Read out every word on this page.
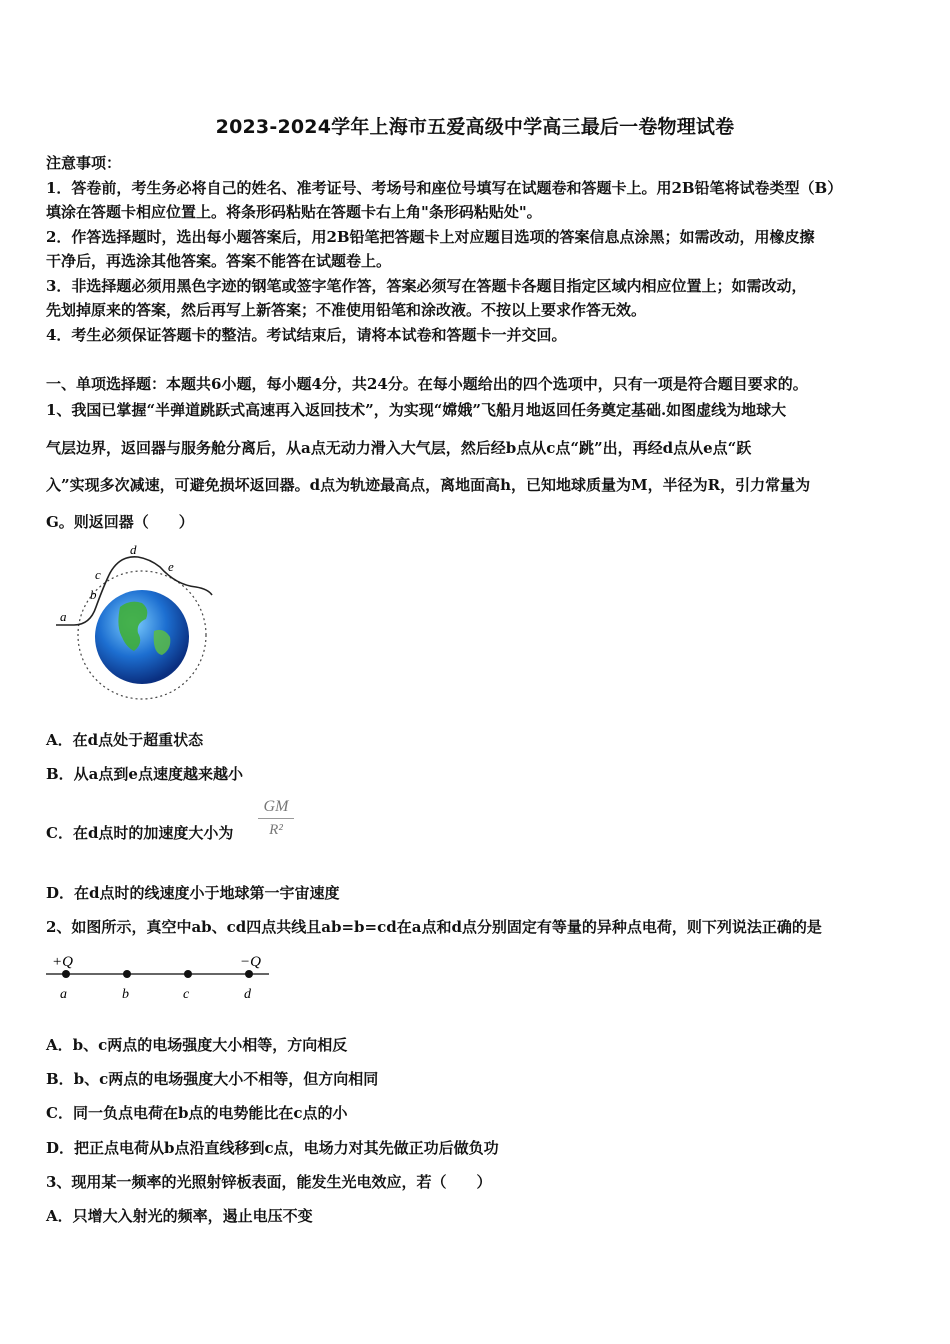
2023-2024学年上海市五爱高级中学高三最后一卷物理试卷
注意事项：
1．答卷前，考生务必将自己的姓名、准考证号、考场号和座位号填写在试题卷和答题卡上。用2B铅笔将试卷类型（B）
填涂在答题卡相应位置上。将条形码粘贴在答题卡右上角"条形码粘贴处"。
2．作答选择题时，选出每小题答案后，用2B铅笔把答题卡上对应题目选项的答案信息点涂黑；如需改动，用橡皮擦
干净后，再选涂其他答案。答案不能答在试题卷上。
3．非选择题必须用黑色字迹的钢笔或签字笔作答，答案必须写在答题卡各题目指定区域内相应位置上；如需改动，
先划掉原来的答案，然后再写上新答案；不准使用铅笔和涂改液。不按以上要求作答无效。
4．考生必须保证答题卡的整洁。考试结束后，请将本试卷和答题卡一并交回。
一、单项选择题：本题共6小题，每小题4分，共24分。在每小题给出的四个选项中，只有一项是符合题目要求的。
1、我国已掌握“半弹道跳跃式高速再入返回技术”，为实现“嫦娥”飞船月地返回任务奠定基础.如图虚线为地球大
气层边界，返回器与服务舱分离后，从a点无动力滑入大气层，然后经b点从c点“跳”出，再经d点从e点“跃
入”实现多次减速，可避免损坏返回器。d点为轨迹最高点，离地面高h，已知地球质量为M，半径为R，引力常量为
G。则返回器（　　）
a
b
c
d
e
A．在d点处于超重状态
B．从a点到e点速度越来越小
C．在d点时的加速度大小为 $\frac{GM}{\text{R²}}$
D．在d点时的线速度小于地球第一宇宙速度
2、如图所示，真空中ab、cd四点共线且ab=b=cd在a点和d点分别固定有等量的异种点电荷，则下列说法正确的是
+Q	−Q
a	b	c	d
A．b、c两点的电场强度大小相等，方向相反
B．b、c两点的电场强度大小不相等，但方向相同
C．同一负点电荷在b点的电势能比在c点的小
D．把正点电荷从b点沿直线移到c点，电场力对其先做正功后做负功
3、现用某一频率的光照射锌板表面，能发生光电效应，若（　　）
A．只增大入射光的频率，遏止电压不变
